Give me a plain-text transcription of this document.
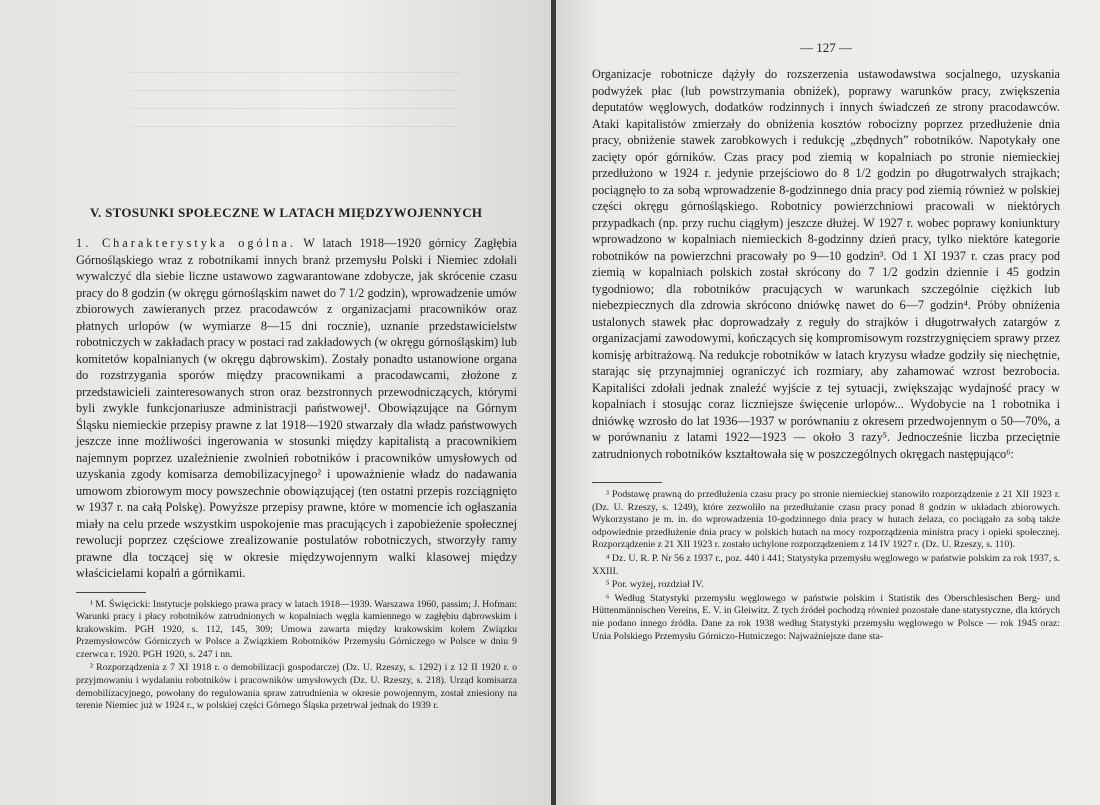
V. STOSUNKI SPOŁECZNE W LATACH MIĘDZYWOJENNYCH

1. Charakterystyka ogólna. W latach 1918—1920 górnicy Zagłębia Górnośląskiego wraz z robotnikami innych branż przemysłu Polski i Niemiec zdołali wywalczyć dla siebie liczne ustawowo zagwarantowane zdobycze, jak skrócenie czasu pracy do 8 godzin (w okręgu górnośląskim nawet do 7 1/2 godzin), wprowadzenie umów zbiorowych zawieranych przez pracodawców z organizacjami pracowników oraz płatnych urlopów (w wymiarze 8—15 dni rocznie), uznanie przedstawicielstw robotniczych w zakładach pracy w postaci rad zakładowych (w okręgu górnośląskim) lub komitetów kopalnianych (w okręgu dąbrowskim). Zostały ponadto ustanowione organa do rozstrzygania sporów między pracownikami a pracodawcami, złożone z przedstawicieli zainteresowanych stron oraz bezstronnych przewodniczących, którymi byli zwykle funkcjonariusze administracji państwowej¹. Obowiązujące na Górnym Śląsku niemieckie przepisy prawne z lat 1918—1920 stwarzały dla władz państwowych jeszcze inne możliwości ingerowania w stosunki między kapitalistą a pracownikiem najemnym poprzez uzależnienie zwolnień robotników i pracowników umysłowych od uzyskania zgody komisarza demobilizacyjnego² i upoważnienie władz do nadawania umowom zbiorowym mocy powszechnie obowiązującej (ten ostatni przepis rozciągnięto w 1937 r. na całą Polskę). Powyższe przepisy prawne, które w momencie ich ogłaszania miały na celu przede wszystkim uspokojenie mas pracujących i zapobieżenie społecznej rewolucji poprzez częściowe zrealizowanie postulatów robotniczych, stworzyły ramy prawne dla toczącej się w okresie międzywojennym walki klasowej między właścicielami kopalń a górnikami.

¹ M. Święcicki: Instytucje polskiego prawa pracy w latach 1918—1939. Warszawa 1960, passim; J. Hofman: Warunki pracy i płacy robotników zatrudnionych w kopalniach węgla kamiennego w zagłębiu dąbrowskim i krakowskim. PGH 1920, s. 112, 145, 309; Umowa zawarta między krakowskim kołem Związku Przemysłowców Górniczych w Polsce a Związkiem Robotników Przemysłu Górniczego w Polsce w dniu 9 czerwca r. 1920. PGH 1920, s. 247 i nn.

² Rozporządzenia z 7 XI 1918 r. o demobilizacji gospodarczej (Dz. U. Rzeszy, s. 1292) i z 12 II 1920 r. o przyjmowaniu i wydalaniu robotników i pracowników umysłowych (Dz. U. Rzeszy, s. 218). Urząd komisarza demobilizacyjnego, powołany do regulowania spraw zatrudnienia w okresie powojennym, został zniesiony na terenie Niemiec już w 1924 r., w polskiej części Górnego Śląska przetrwał jednak do 1939 r.

— 127 —

Organizacje robotnicze dążyły do rozszerzenia ustawodawstwa socjalnego, uzyskania podwyżek płac (lub powstrzymania obniżek), poprawy warunków pracy, zwiększenia deputatów węglowych, dodatków rodzinnych i innych świadczeń ze strony pracodawców. Ataki kapitalistów zmierzały do obniżenia kosztów robocizny poprzez przedłużenie dnia pracy, obniżenie stawek zarobkowych i redukcję „zbędnych” robotników. Napotykały one zacięty opór górników. Czas pracy pod ziemią w kopalniach po stronie niemieckiej przedłużono w 1924 r. jedynie przejściowo do 8 1/2 godzin po długotrwałych strajkach; pociągnęło to za sobą wprowadzenie 8-godzinnego dnia pracy pod ziemią również w polskiej części okręgu górnośląskiego. Robotnicy powierzchniowi pracowali w niektórych przypadkach (np. przy ruchu ciągłym) jeszcze dłużej. W 1927 r. wobec poprawy koniunktury wprowadzono w kopalniach niemieckich 8-godzinny dzień pracy, tylko niektóre kategorie robotników na powierzchni pracowały po 9—10 godzin³. Od 1 XI 1937 r. czas pracy pod ziemią w kopalniach polskich został skrócony do 7 1/2 godzin dziennie i 45 godzin tygodniowo; dla robotników pracujących w warunkach szczególnie ciężkich lub niebezpiecznych dla zdrowia skrócono dniówkę nawet do 6—7 godzin⁴. Próby obniżenia ustalonych stawek płac doprowadzały z reguły do strajków i długotrwałych zatargów z organizacjami zawodowymi, kończących się kompromisowym rozstrzygnięciem sprawy przez komisję arbitrażową. Na redukcje robotników w latach kryzysu władze godziły się niechętnie, starając się przynajmniej ograniczyć ich rozmiary, aby zahamować wzrost bezrobocia. Kapitaliści zdołali jednak znaleźć wyjście z tej sytuacji, zwiększając wydajność pracy w kopalniach i stosując coraz liczniejsze święcenie urlopów... Wydobycie na 1 robotnika i dniówkę wzrosło do lat 1936—1937 w porównaniu z okresem przedwojennym o 50—70%, a w porównaniu z latami 1922—1923 — około 3 razy⁵. Jednocześnie liczba przeciętnie zatrudnionych robotników kształtowała się w poszczególnych okręgach następująco⁶:

³ Podstawę prawną do przedłużenia czasu pracy po stronie niemieckiej stanowiło rozporządzenie z 21 XII 1923 r. (Dz. U. Rzeszy, s. 1249), które zezwoliło na przedłużanie czasu pracy ponad 8 godzin w układach zbiorowych. Wykorzystano je m. in. do wprowadzenia 10-godzinnego dnia pracy w hutach żelaza, co pociągało za sobą także odpowiednie przedłużenie dnia pracy w polskich hutach na mocy rozporządzenia ministra pracy i opieki społecznej. Rozporządzenie z 21 XII 1923 r. zostało uchylone rozporządzeniem z 14 IV 1927 r. (Dz. U. Rzeszy, s. 110).

⁴ Dz. U. R. P. Nr 56 z 1937 r., poz. 440 i 441; Statystyka przemysłu węglowego w państwie polskim za rok 1937, s. XXIII.

⁵ Por. wyżej, rozdział IV.

⁶ Według Statystyki przemysłu węglowego w państwie polskim i Statistik des Oberschlesischen Berg- und Hüttenmännischen Vereins, E. V. in Gleiwitz. Z tych źródeł pochodzą również pozostałe dane statystyczne, dla których nie podano innego źródła. Dane za rok 1938 według Statystyki przemysłu węglowego w Polsce — rok 1945 oraz: Unia Polskiego Przemysłu Górniczo-Hutniczego: Najważniejsze dane sta-
